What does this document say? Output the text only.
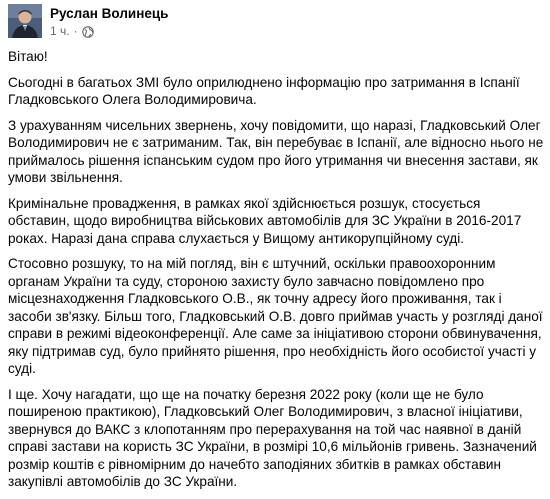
Руслан Волинець
1 ч. ·

Вітаю!

Сьогодні в багатьох ЗМІ було оприлюднено інформацію про затримання в Іспанії Гладковського Олега Володимировича.

З урахуванням чисельних звернень, хочу повідомити, що наразі, Гладковський Олег Володимирович не є затриманим. Так, він перебуває в Іспанії, але відносно нього не приймалось рішення іспанським судом про його утримання чи внесення застави, як умови звільнення.

Кримінальне провадження, в рамках якої здійснюється розшук, стосується обставин, щодо виробництва військових автомобілів для ЗС України в 2016-2017 роках. Наразі дана справа слухається у Вищому антикорупційному суді.

Стосовно розшуку, то на мій погляд, він є штучний, оскільки правоохоронним органам України та суду, стороною захисту було завчасно повідомлено про місцезнаходження Гладковського О.В., як точну адресу його проживання, так і засоби зв'язку. Більш того, Гладковський О.В. довго приймав участь у розгляді даної справи в режимі відеоконференції. Але саме за ініціативою сторони обвинувачення, яку підтримав суд, було прийнято рішення, про необхідність його особистої участі у суді.

І ще. Хочу нагадати, що ще на початку березня 2022 року (коли ще не було поширеною практикою), Гладковський Олег Володимирович, з власної ініціативи, звернувся до ВАКС з клопотанням про перерахування на той час наявної в даній справі застави на користь ЗС України, в розмірі 10,6 мільйонів гривень. Зазначений розмір коштів є рівномірним до начебто заподіяних збитків в рамках обставин закупівлі автомобілів до ЗС України.
